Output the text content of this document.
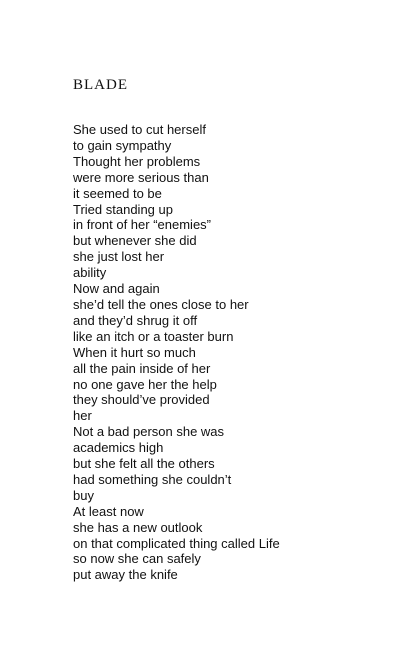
BLADE
She used to cut herself
to gain sympathy
Thought her problems
were more serious than
it seemed to be
Tried standing up
in front of her “enemies”
but whenever she did
she just lost her
ability
Now and again
she’d tell the ones close to her
and they’d shrug it off
like an itch or a toaster burn
When it hurt so much
all the pain inside of her
no one gave her the help
they should’ve provided
her
Not a bad person she was
academics high
but she felt all the others
had something she couldn’t
buy
At least now
she has a new outlook
on that complicated thing called Life
so now she can safely
put away the knife
